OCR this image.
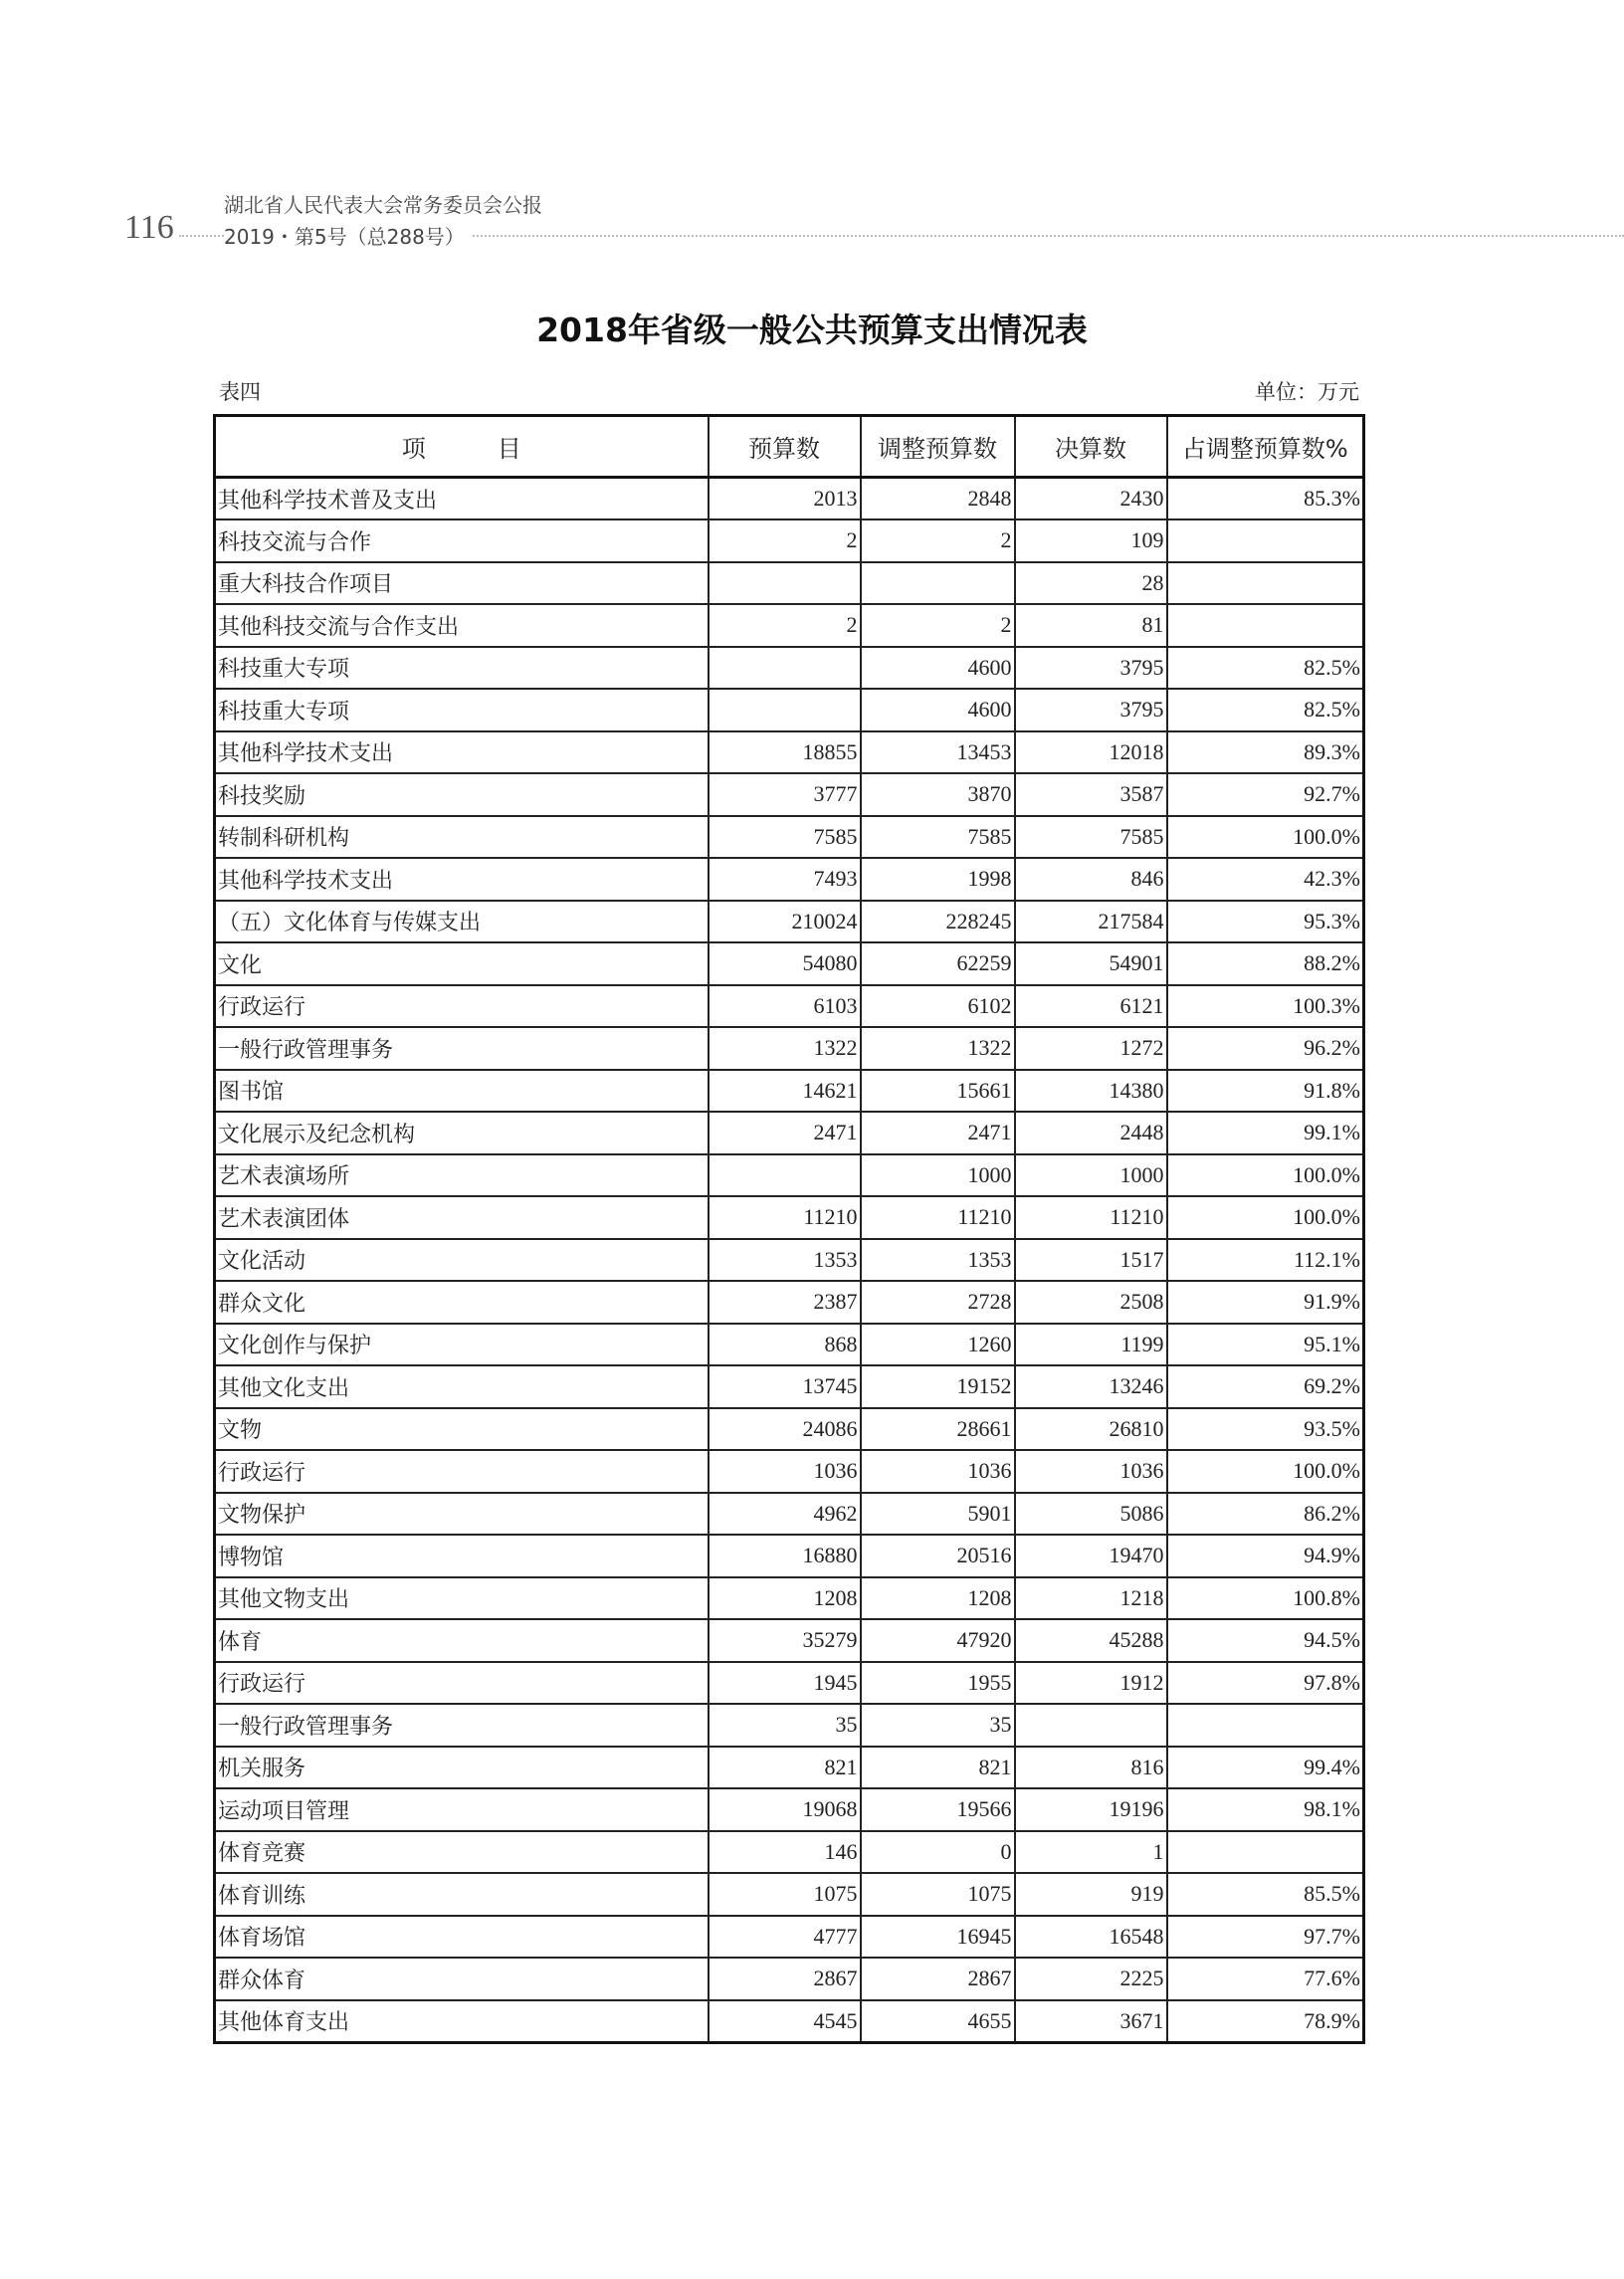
116
湖北省人民代表大会常务委员会公报
2019・第5号（总288号）
2018年省级一般公共预算支出情况表
表四	单位：万元
项　　　目	预算数	调整预算数	决算数	占调整预算数%
其他科学技术普及支出	2013	2848	2430	85.3%
科技交流与合作	2	2	109	
重大科技合作项目			28	
其他科技交流与合作支出	2	2	81	
科技重大专项		4600	3795	82.5%
科技重大专项		4600	3795	82.5%
其他科学技术支出	18855	13453	12018	89.3%
科技奖励	3777	3870	3587	92.7%
转制科研机构	7585	7585	7585	100.0%
其他科学技术支出	7493	1998	846	42.3%
（五）文化体育与传媒支出	210024	228245	217584	95.3%
文化	54080	62259	54901	88.2%
行政运行	6103	6102	6121	100.3%
一般行政管理事务	1322	1322	1272	96.2%
图书馆	14621	15661	14380	91.8%
文化展示及纪念机构	2471	2471	2448	99.1%
艺术表演场所		1000	1000	100.0%
艺术表演团体	11210	11210	11210	100.0%
文化活动	1353	1353	1517	112.1%
群众文化	2387	2728	2508	91.9%
文化创作与保护	868	1260	1199	95.1%
其他文化支出	13745	19152	13246	69.2%
文物	24086	28661	26810	93.5%
行政运行	1036	1036	1036	100.0%
文物保护	4962	5901	5086	86.2%
博物馆	16880	20516	19470	94.9%
其他文物支出	1208	1208	1218	100.8%
体育	35279	47920	45288	94.5%
行政运行	1945	1955	1912	97.8%
一般行政管理事务	35	35		
机关服务	821	821	816	99.4%
运动项目管理	19068	19566	19196	98.1%
体育竞赛	146	0	1	
体育训练	1075	1075	919	85.5%
体育场馆	4777	16945	16548	97.7%
群众体育	2867	2867	2225	77.6%
其他体育支出	4545	4655	3671	78.9%
